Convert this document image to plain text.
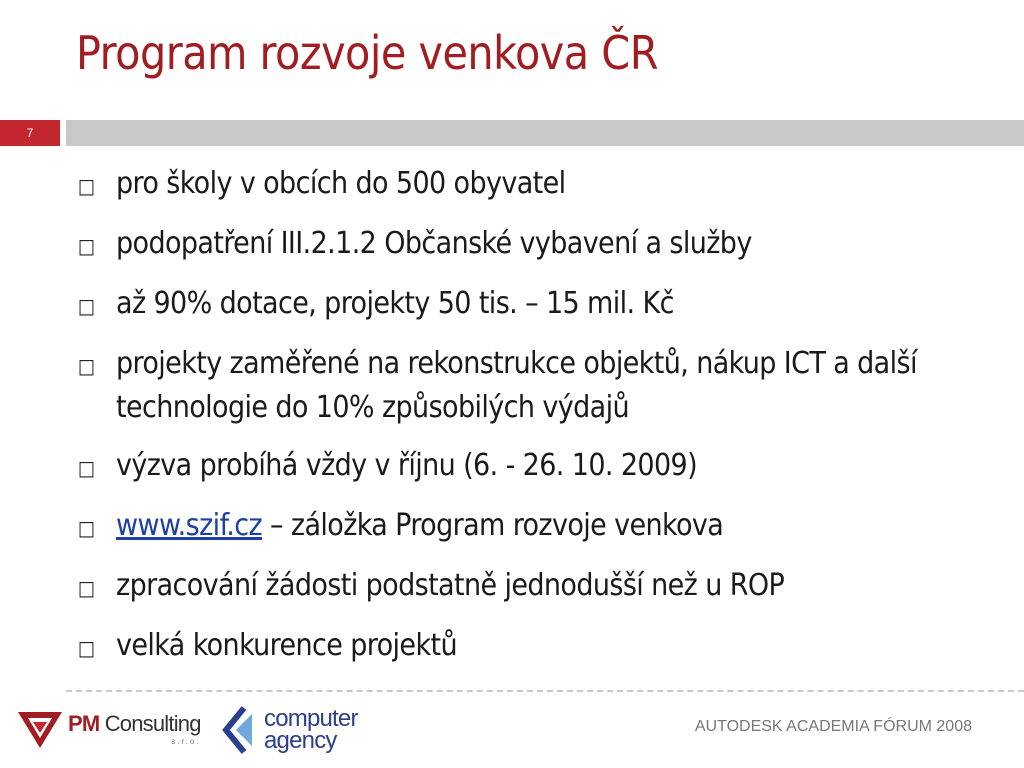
Program rozvoje venkova ČR
7
□ pro školy v obcích do 500 obyvatel
□ podopatření III.2.1.2 Občanské vybavení a služby
□ až 90% dotace, projekty 50 tis. – 15 mil. Kč
□ projekty zaměřené na rekonstrukce objektů, nákup ICT a další technologie do 10% způsobilých výdajů
□ výzva probíhá vždy v říjnu (6. - 26. 10. 2009)
□ www.szif.cz – záložka Program rozvoje venkova
□ zpracování žádosti podstatně jednodušší než u ROP
□ velká konkurence projektů
PM Consulting
s.r.o.
computer
agency
AUTODESK ACADEMIA FÓRUM 2008
